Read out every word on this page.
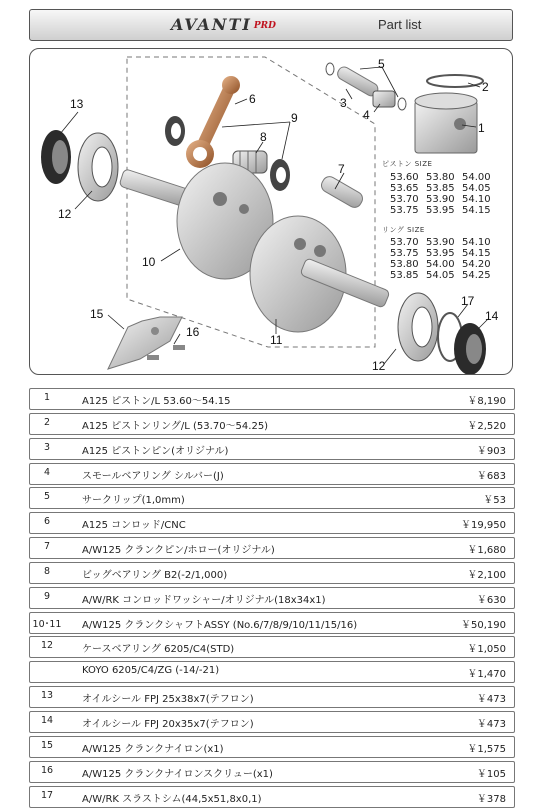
AVANTI PRD	Part list
13
12
6
9
8
7
5
3
4
2
1
10
11
15
16
17
14
12
ピストン SIZE
53.60 53.80 54.00
53.65 53.85 54.05
53.70 53.90 54.10
53.75 53.95 54.15
リング SIZE
53.70 53.90 54.10
53.75 53.95 54.15
53.80 54.00 54.20
53.85 54.05 54.25
1	A125 ピストン/L 53.60〜54.15	￥8,190
2	A125 ピストンリング/L (53.70〜54.25)	￥2,520
3	A125 ピストンピン(オリジナル)	￥903
4	スモールベアリング シルバー(J)	￥683
5	サークリップ(1,0mm)	￥53
6	A125 コンロッド/CNC	￥19,950
7	A/W125 クランクピン/ホロー(オリジナル)	￥1,680
8	ビッグベアリング B2(-2/1,000)	￥2,100
9	A/W/RK コンロッドワッシャー/オリジナル(18x34x1)	￥630
10･11 A/W125 クランクシャフトASSY (No.6/7/8/9/10/11/15/16)	￥50,190
12	ケースベアリング 6205/C4(STD)	￥1,050
KOYO 6205/C4/ZG (-14/-21)	￥1,470
13	オイルシール FPJ 25x38x7(テフロン)	￥473
14	オイルシール FPJ 20x35x7(テフロン)	￥473
15	A/W125 クランクナイロン(x1)	￥1,575
16	A/W125 クランクナイロンスクリュー(x1)	￥105
17	A/W/RK スラストシム(44,5x51,8x0,1)	￥378
